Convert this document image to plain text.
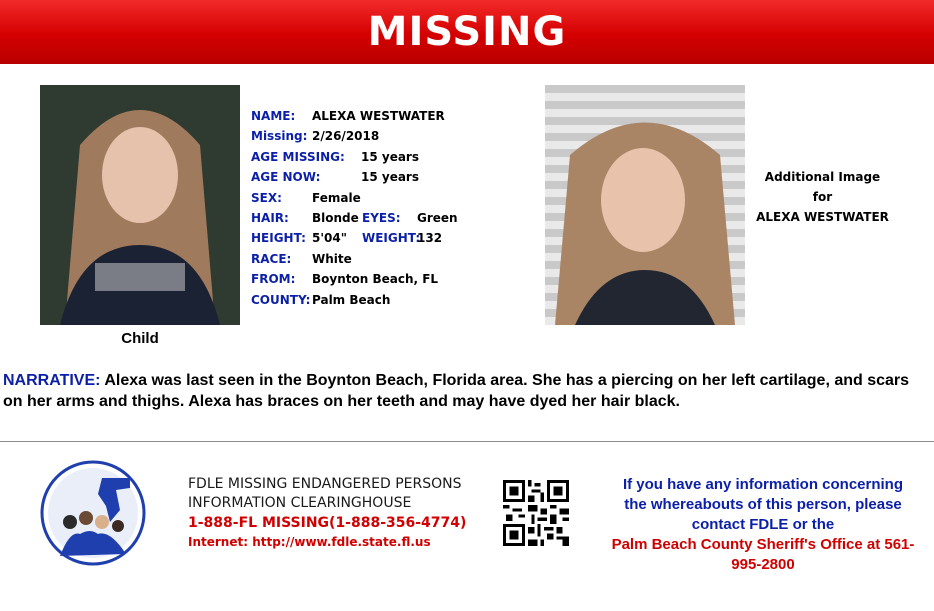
MISSING
Child
NAME: ALEXA WESTWATER
Missing: 2/26/2018
AGE MISSING: 15 years
AGE NOW:	15 years
SEX:	Female
HAIR: Blonde EYES: Green
HEIGHT: 5'04" WEIGHT:
132
RACE: White
FROM: Boynton Beach, FL
COUNTY: Palm Beach
Additional Image
for
ALEXA WESTWATER
NARRATIVE: Alexa was last seen in the Boynton Beach, Florida area. She has a piercing on her left cartilage, and scars on her arms and thighs. Alexa has braces on her teeth and may have dyed her hair black.
FDLE MISSING ENDANGERED PERSONS
INFORMATION CLEARINGHOUSE
1-888-FL MISSING(1-888-356-4774)
Internet: http://www.fdle.state.fl.us
If you have any information concerning
the whereabouts of this person, please
contact FDLE or the
Palm Beach County Sheriff's Office at 561-
995-2800
